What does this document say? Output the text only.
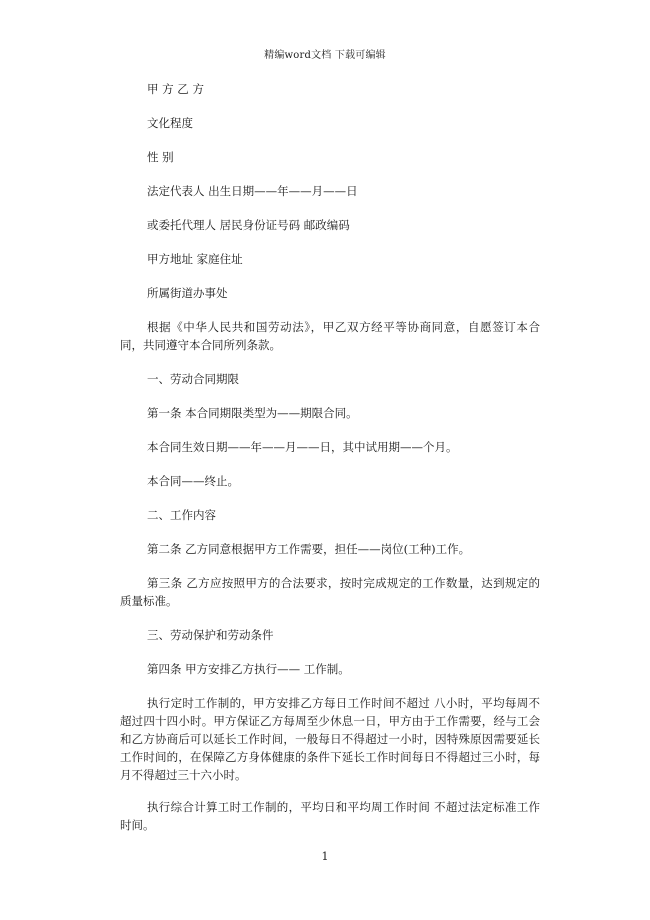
精编word文档 下载可编辑
甲 方 乙 方
文化程度
性 别
法定代表人 出生日期——年——月——日
或委托代理人 居民身份证号码 邮政编码
甲方地址 家庭住址
所属街道办事处
根据《中华人民共和国劳动法》，甲乙双方经平等协商同意，自愿签订本合同，共同遵守本合同所列条款。
一、劳动合同期限
第一条 本合同期限类型为——期限合同。
本合同生效日期——年——月——日，其中试用期——个月。
本合同——终止。
二、工作内容
第二条 乙方同意根据甲方工作需要，担任——岗位(工种)工作。
第三条 乙方应按照甲方的合法要求，按时完成规定的工作数量，达到规定的质量标准。
三、劳动保护和劳动条件
第四条 甲方安排乙方执行—— 工作制。
执行定时工作制的，甲方安排乙方每日工作时间不超过 八小时，平均每周不超过四十四小时。甲方保证乙方每周至少休息一日，甲方由于工作需要，经与工会和乙方协商后可以延长工作时间，一般每日不得超过一小时，因特殊原因需要延长工作时间的，在保障乙方身体健康的条件下延长工作时间每日不得超过三小时，每月不得超过三十六小时。
执行综合计算工时工作制的，平均日和平均周工作时间 不超过法定标准工作时间。
1
